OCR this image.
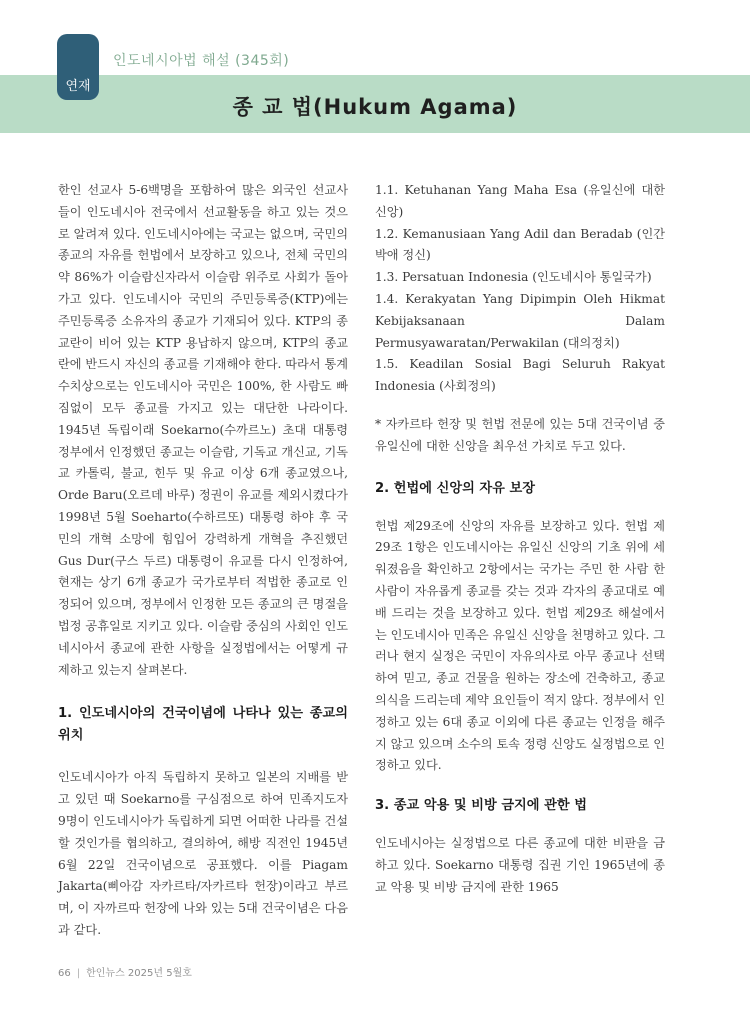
연재
인도네시아법 해설 (345회)
종 교 법(Hukum Agama)

한인 선교사 5-6백명을 포함하여 많은 외국인 선교사들이 인도네시아 전국에서 선교활동을 하고 있는 것으로 알려져 있다. 인도네시아에는 국교는 없으며, 국민의 종교의 자유를 헌법에서 보장하고 있으나, 전체 국민의 약 86%가 이슬람신자라서 이슬람 위주로 사회가 돌아가고 있다. 인도네시아 국민의 주민등록증(KTP)에는 주민등록증 소유자의 종교가 기재되어 있다. KTP의 종교란이 비어 있는 KTP 용납하지 않으며, KTP의 종교란에 반드시 자신의 종교를 기재해야 한다. 따라서 통계수치상으로는 인도네시아 국민은 100%, 한 사람도 빠짐없이 모두 종교를 가지고 있는 대단한 나라이다. 1945년 독립이래 Soekarno(수까르노) 초대 대통령 정부에서 인정했던 종교는 이슬람, 기독교 개신교, 기독교 카톨릭, 불교, 힌두 및 유교 이상 6개 종교였으나, Orde Baru(오르데 바루) 정권이 유교를 제외시켰다가 1998년 5월 Soeharto(수하르또) 대통령 하야 후 국민의 개혁 소망에 힘입어 강력하게 개혁을 추진했던 Gus Dur(구스 두르) 대통령이 유교를 다시 인정하여, 현재는 상기 6개 종교가 국가로부터 적법한 종교로 인정되어 있으며, 정부에서 인정한 모든 종교의 큰 명절을 법정 공휴일로 지키고 있다. 이슬람 중심의 사회인 인도네시아서 종교에 관한 사항을 실정법에서는 어떻게 규제하고 있는지 살펴본다.

1. 인도네시아의 건국이념에 나타나 있는 종교의 위치

인도네시아가 아직 독립하지 못하고 일본의 지배를 받고 있던 때 Soekarno를 구심점으로 하여 민족지도자 9명이 인도네시아가 독립하게 되면 어떠한 나라를 건설할 것인가를 협의하고, 결의하여, 해방 직전인 1945년 6월 22일 건국이념으로 공표했다. 이를 Piagam Jakarta(삐아감 자카르타/자카르타 헌장)이라고 부르며, 이 자까르따 헌장에 나와 있는 5대 건국이념은 다음과 같다.

1.1. Ketuhanan Yang Maha Esa (유일신에 대한 신앙)

1.2. Kemanusiaan Yang Adil dan Beradab (인간박애 정신)

1.3. Persatuan Indonesia (인도네시아 통일국가)

1.4. Kerakyatan Yang Dipimpin Oleh Hikmat Kebijaksanaan Dalam Permusyawaratan/Perwakilan (대의정치)

1.5. Keadilan Sosial Bagi Seluruh Rakyat Indonesia (사회정의)

* 자카르타 헌장 및 헌법 전문에 있는 5대 건국이념 중 유일신에 대한 신앙을 최우선 가치로 두고 있다.

2. 헌법에 신앙의 자유 보장

헌법 제29조에 신앙의 자유를 보장하고 있다. 헌법 제29조 1항은 인도네시아는 유일신 신앙의 기초 위에 세워졌음을 확인하고 2항에서는 국가는 주민 한 사람 한 사람이 자유롭게 종교를 갖는 것과 각자의 종교대로 예배 드리는 것을 보장하고 있다. 헌법 제29조 해설에서는 인도네시아 민족은 유일신 신앙을 천명하고 있다. 그러나 현지 실정은 국민이 자유의사로 아무 종교나 선택하여 믿고, 종교 건물을 원하는 장소에 건축하고, 종교 의식을 드리는데 제약 요인들이 적지 않다. 정부에서 인정하고 있는 6대 종교 이외에 다른 종교는 인정을 해주지 않고 있으며 소수의 토속 정령 신앙도 실정법으로 인정하고 있다.

3. 종교 악용 및 비방 금지에 관한 법

인도네시아는 실정법으로 다른 종교에 대한 비판을 금하고 있다. Soekarno 대통령 집권 기인 1965년에 종교 악용 및 비방 금지에 관한 1965

66 | 한인뉴스 2025년 5월호
